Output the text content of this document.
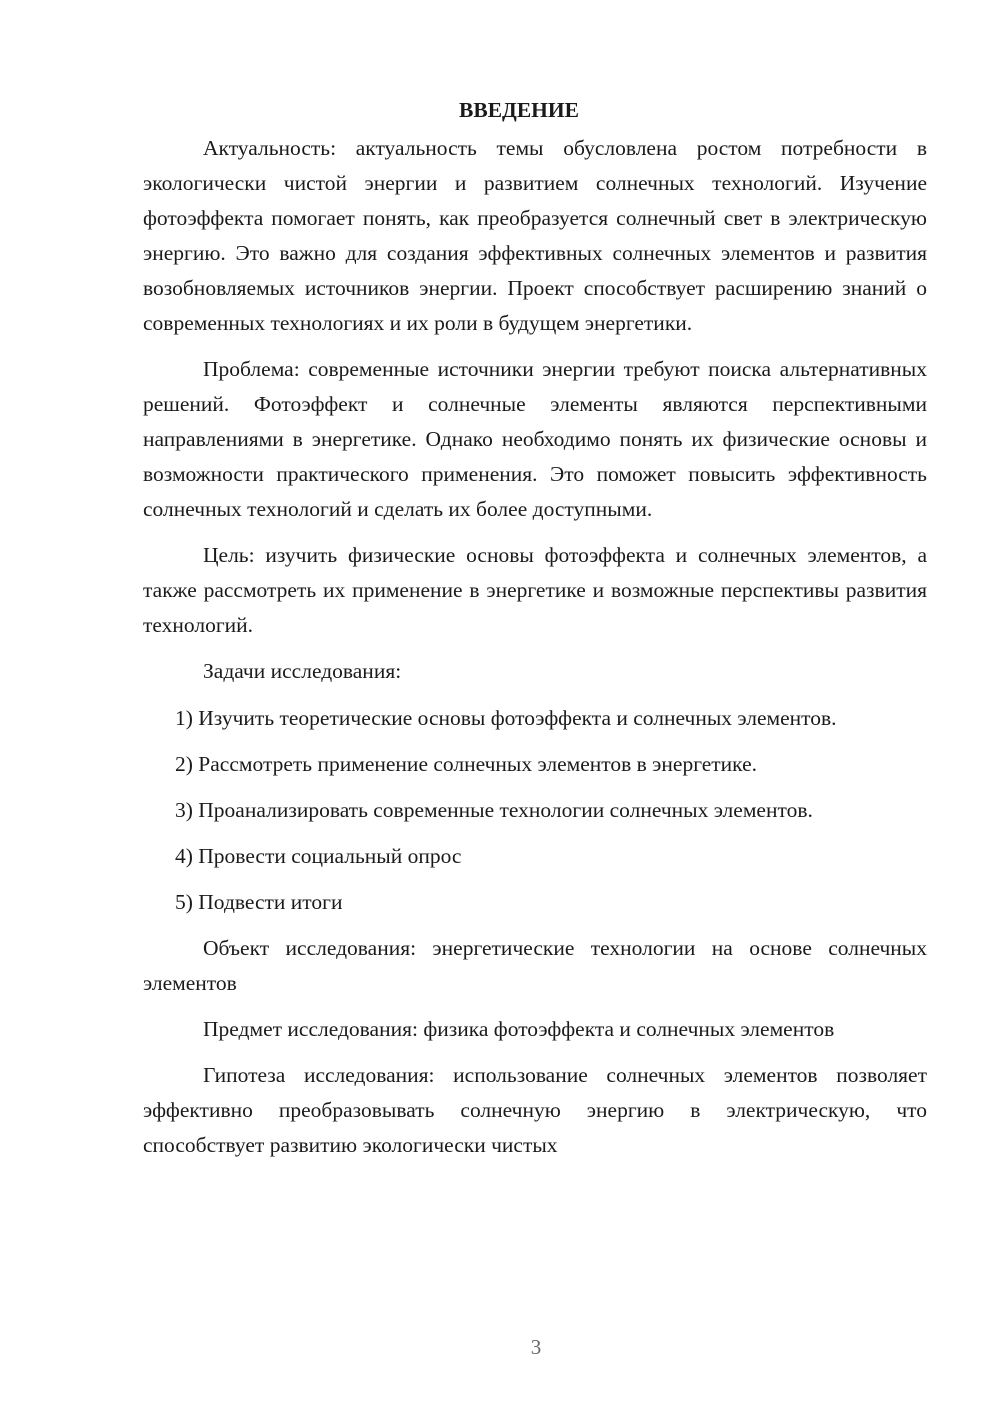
ВВЕДЕНИЕ

Актуальность: актуальность темы обусловлена ростом потребности в экологически чистой энергии и развитием солнечных технологий. Изучение фотоэффекта помогает понять, как преобразуется солнечный свет в электрическую энергию. Это важно для создания эффективных солнечных элементов и развития возобновляемых источников энергии. Проект способствует расширению знаний о современных технологиях и их роли в будущем энергетики.

Проблема: современные источники энергии требуют поиска альтернативных решений. Фотоэффект и солнечные элементы являются перспективными направлениями в энергетике. Однако необходимо понять их физические основы и возможности практического применения. Это поможет повысить эффективность солнечных технологий и сделать их более доступными.

Цель: изучить физические основы фотоэффекта и солнечных элементов, а также рассмотреть их применение в энергетике и возможные перспективы развития технологий.

Задачи исследования:

1) Изучить теоретические основы фотоэффекта и солнечных элементов.

2) Рассмотреть применение солнечных элементов в энергетике.

3) Проанализировать современные технологии солнечных элементов.

4) Провести социальный опрос

5) Подвести итоги

Объект исследования: энергетические технологии на основе солнечных элементов

Предмет исследования: физика фотоэффекта и солнечных элементов

Гипотеза исследования: использование солнечных элементов позволяет эффективно преобразовывать солнечную энергию в электрическую, что способствует развитию экологически чистых

3
